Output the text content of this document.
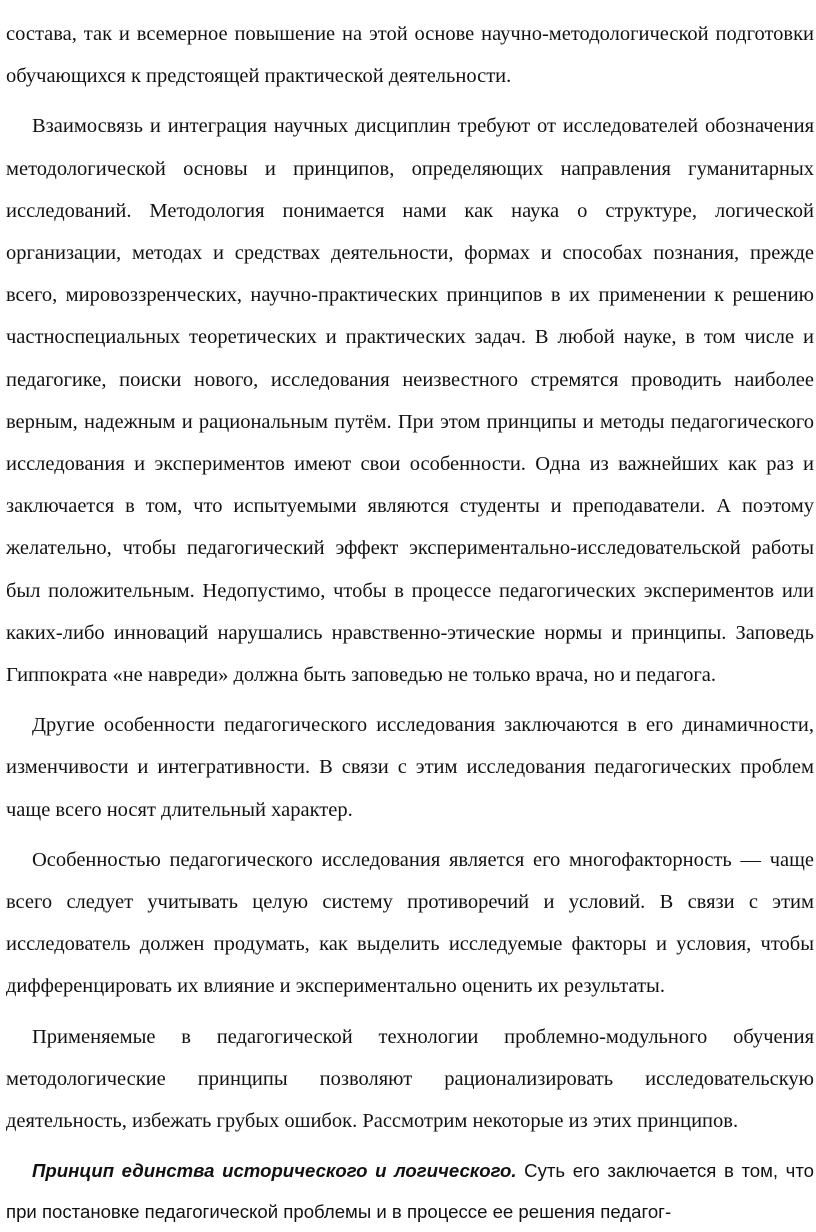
состава, так и всемерное повышение на этой основе научно-методологической подготовки обучающихся к предстоящей практической деятельности.

Взаимосвязь и интеграция научных дисциплин требуют от исследователей обозначения методологической основы и принципов, определяющих направления гуманитарных исследований. Методология понимается нами как наука о структуре, логической организации, методах и средствах деятельности, формах и способах познания, прежде всего, мировоззренческих, научно-практических принципов в их применении к решению частноспециальных теоретических и практических задач. В любой науке, в том числе и педагогике, поиски нового, исследования неизвестного стремятся проводить наиболее верным, надежным и рациональным путём. При этом принципы и методы педагогического исследования и экспериментов имеют свои особенности. Одна из важнейших как раз и заключается в том, что испытуемыми являются студенты и преподаватели. А поэтому желательно, чтобы педагогический эффект экспериментально-исследовательской работы был положительным. Недопустимо, чтобы в процессе педагогических экспериментов или каких-либо инноваций нарушались нравственно-этические нормы и принципы. Заповедь Гиппократа «не навреди» должна быть заповедью не только врача, но и педагога.

Другие особенности педагогического исследования заключаются в его динамичности, изменчивости и интегративности. В связи с этим исследования педагогических проблем чаще всего носят длительный характер.

Особенностью педагогического исследования является его многофакторность — чаще всего следует учитывать целую систему противоречий и условий. В связи с этим исследователь должен продумать, как выделить исследуемые факторы и условия, чтобы дифференцировать их влияние и экспериментально оценить их результаты.

Применяемые в педагогической технологии проблемно-модульного обучения методологические принципы позволяют рационализировать исследовательскую деятельность, избежать грубых ошибок. Рассмотрим некоторые из этих принципов.

Принцип единства исторического и логического. Суть его заключается в том, что при постановке педагогической проблемы и в процессе ее решения педагог-
